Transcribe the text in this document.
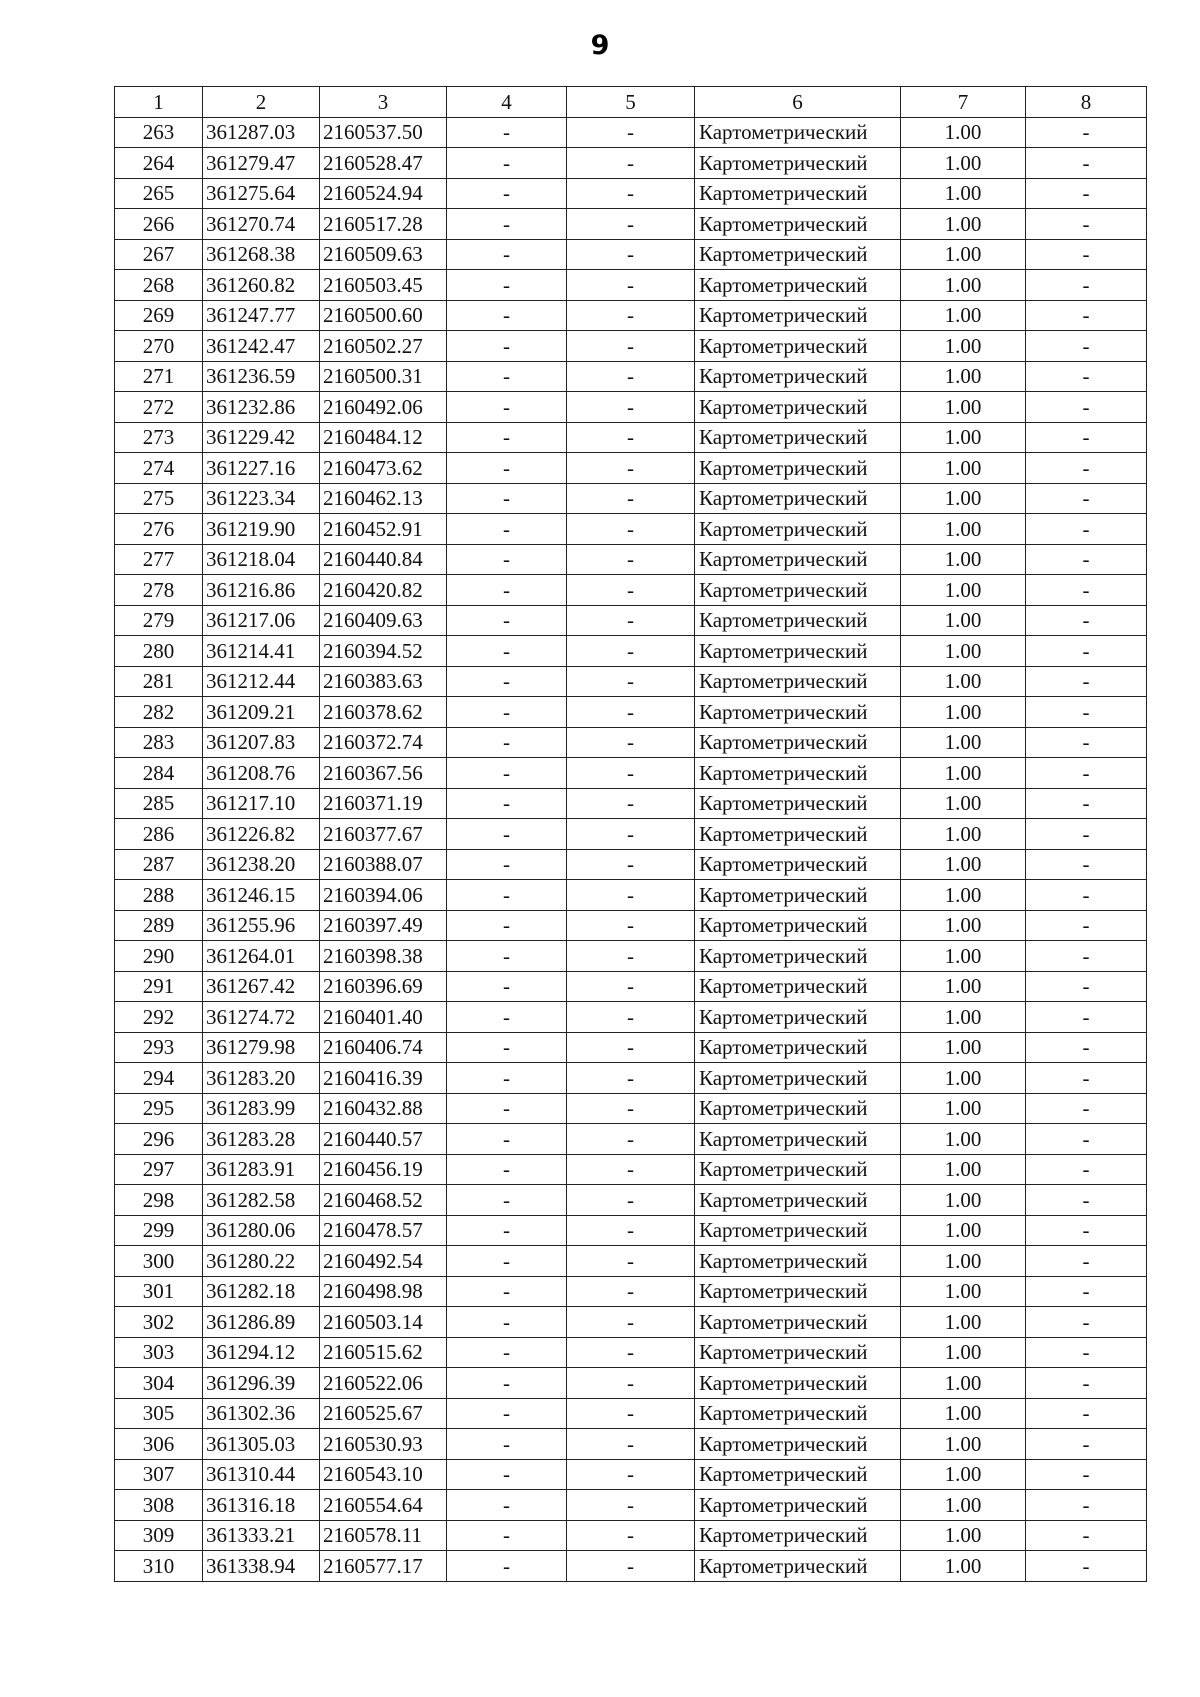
9
1	2	3	4	5	6	7	8
263	361287.03	2160537.50	-	-	Картометрический	1.00	-
264	361279.47	2160528.47	-	-	Картометрический	1.00	-
265	361275.64	2160524.94	-	-	Картометрический	1.00	-
266	361270.74	2160517.28	-	-	Картометрический	1.00	-
267	361268.38	2160509.63	-	-	Картометрический	1.00	-
268	361260.82	2160503.45	-	-	Картометрический	1.00	-
269	361247.77	2160500.60	-	-	Картометрический	1.00	-
270	361242.47	2160502.27	-	-	Картометрический	1.00	-
271	361236.59	2160500.31	-	-	Картометрический	1.00	-
272	361232.86	2160492.06	-	-	Картометрический	1.00	-
273	361229.42	2160484.12	-	-	Картометрический	1.00	-
274	361227.16	2160473.62	-	-	Картометрический	1.00	-
275	361223.34	2160462.13	-	-	Картометрический	1.00	-
276	361219.90	2160452.91	-	-	Картометрический	1.00	-
277	361218.04	2160440.84	-	-	Картометрический	1.00	-
278	361216.86	2160420.82	-	-	Картометрический	1.00	-
279	361217.06	2160409.63	-	-	Картометрический	1.00	-
280	361214.41	2160394.52	-	-	Картометрический	1.00	-
281	361212.44	2160383.63	-	-	Картометрический	1.00	-
282	361209.21	2160378.62	-	-	Картометрический	1.00	-
283	361207.83	2160372.74	-	-	Картометрический	1.00	-
284	361208.76	2160367.56	-	-	Картометрический	1.00	-
285	361217.10	2160371.19	-	-	Картометрический	1.00	-
286	361226.82	2160377.67	-	-	Картометрический	1.00	-
287	361238.20	2160388.07	-	-	Картометрический	1.00	-
288	361246.15	2160394.06	-	-	Картометрический	1.00	-
289	361255.96	2160397.49	-	-	Картометрический	1.00	-
290	361264.01	2160398.38	-	-	Картометрический	1.00	-
291	361267.42	2160396.69	-	-	Картометрический	1.00	-
292	361274.72	2160401.40	-	-	Картометрический	1.00	-
293	361279.98	2160406.74	-	-	Картометрический	1.00	-
294	361283.20	2160416.39	-	-	Картометрический	1.00	-
295	361283.99	2160432.88	-	-	Картометрический	1.00	-
296	361283.28	2160440.57	-	-	Картометрический	1.00	-
297	361283.91	2160456.19	-	-	Картометрический	1.00	-
298	361282.58	2160468.52	-	-	Картометрический	1.00	-
299	361280.06	2160478.57	-	-	Картометрический	1.00	-
300	361280.22	2160492.54	-	-	Картометрический	1.00	-
301	361282.18	2160498.98	-	-	Картометрический	1.00	-
302	361286.89	2160503.14	-	-	Картометрический	1.00	-
303	361294.12	2160515.62	-	-	Картометрический	1.00	-
304	361296.39	2160522.06	-	-	Картометрический	1.00	-
305	361302.36	2160525.67	-	-	Картометрический	1.00	-
306	361305.03	2160530.93	-	-	Картометрический	1.00	-
307	361310.44	2160543.10	-	-	Картометрический	1.00	-
308	361316.18	2160554.64	-	-	Картометрический	1.00	-
309	361333.21	2160578.11	-	-	Картометрический	1.00	-
310	361338.94	2160577.17	-	-	Картометрический	1.00	-
